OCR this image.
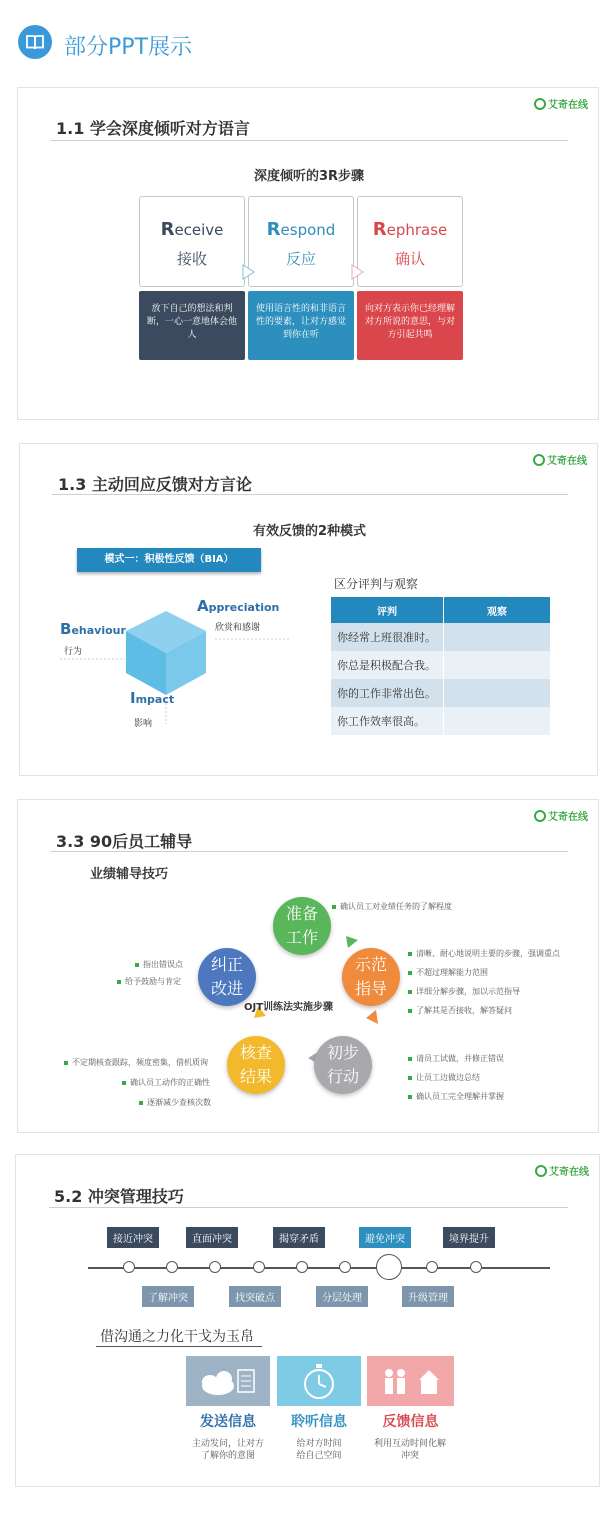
部分PPT展示
艾奇在线
1.1 学会深度倾听对方语言
深度倾听的3R步骤
Receive
接收
Respond
反应
Rephrase
确认
放下自己的想法和判断，一心一意地体会他人
使用语言性的和非语言性的要素，让对方感觉到你在听
向对方表示你已经理解对方所说的意思，与对方引起共鸣
艾奇在线
1.3 主动回应反馈对方言论
有效反馈的2种模式
模式一：积极性反馈（BIA）
Behaviour
行为
Appreciation
欣赏和感谢
Impact
影响
区分评判与观察
评判	观察
你经常上班很准时。	
你总是积极配合我。	
你的工作非常出色。	
你工作效率很高。	
艾奇在线
3.3 90后员工辅导
业绩辅导技巧
准备
工作
示范
指导
初步
行动
核查
结果
纠正
改进
OJT训练法实施步骤
确认员工对业绩任务的了解程度
清晰、耐心地说明主要的步骤，强调重点
不超过理解能力范围
详细分解步骤，加以示范指导
了解其是否接收，解答疑问
请员工试做，并修正错误
让员工边做边总结
确认员工完全理解并掌握
不定期核查跟踪，频度密集，借机质询
确认员工动作的正确性
逐渐减少查核次数
指出错误点
给予鼓励与肯定
艾奇在线
5.2 冲突管理技巧
接近冲突	直面冲突	揭穿矛盾	避免冲突	境界提升
了解冲突	找突破点	分层处理	升级管理
借沟通之力化干戈为玉帛
发送信息	聆听信息	反馈信息
主动发问，让对方
了解你的意图
给对方时间
给自己空间
利用互动时间化解
冲突
